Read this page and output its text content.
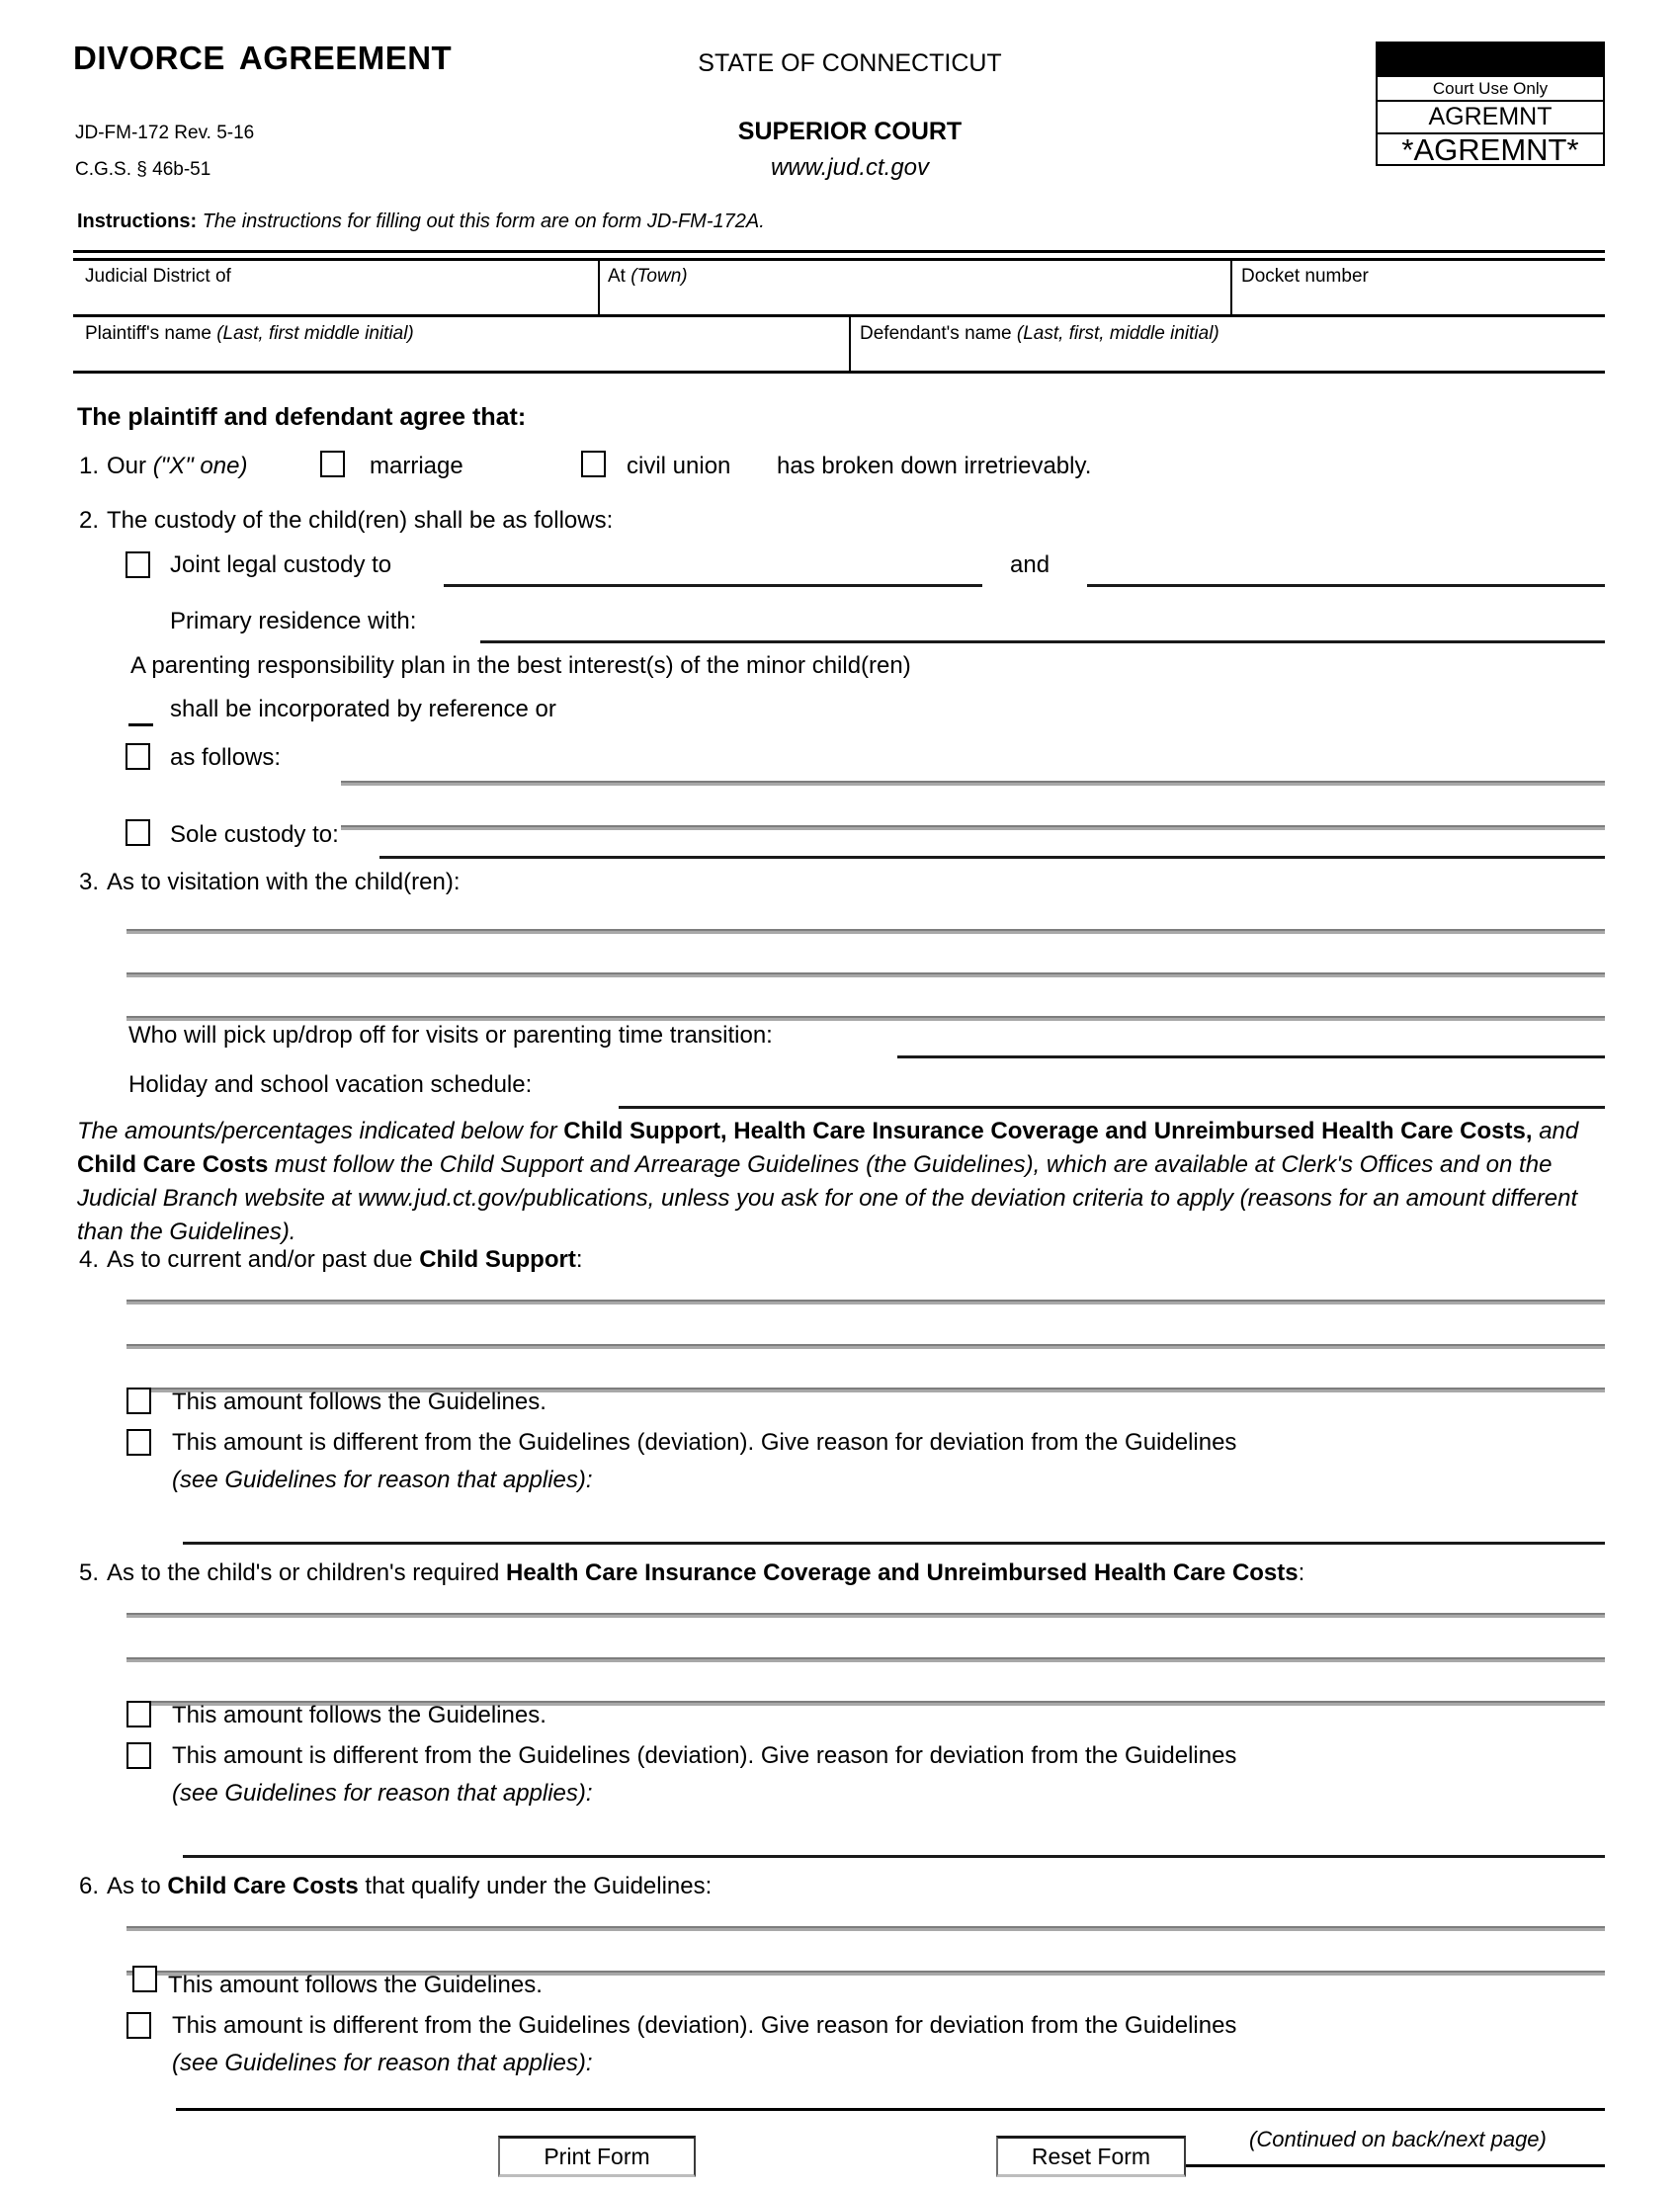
DIVORCE AGREEMENT
JD-FM-172 Rev. 5-16
C.G.S. § 46b-51
STATE OF CONNECTICUT
SUPERIOR COURT
www.jud.ct.gov
Court Use Only
AGREMNT
*AGREMNT*
Instructions: The instructions for filling out this form are on form JD-FM-172A.
Judicial District of	At (Town)	Docket number
Plaintiff's name (Last, first middle initial)	Defendant's name (Last, first, middle initial)
The plaintiff and defendant agree that:
1. Our ("X" one)	marriage	civil union has broken down irretrievably.
2. The custody of the child(ren) shall be as follows:
Joint legal custody to	and
Primary residence with:
A parenting responsibility plan in the best interest(s) of the minor child(ren)
shall be incorporated by reference or
as follows:
Sole custody to:
3. As to visitation with the child(ren):
Who will pick up/drop off for visits or parenting time transition:
Holiday and school vacation schedule:
The amounts/percentages indicated below for Child Support, Health Care Insurance Coverage and Unreimbursed Health Care Costs, and Child Care Costs must follow the Child Support and Arrearage Guidelines (the Guidelines), which are available at Clerk's Offices and on the Judicial Branch website at www.jud.ct.gov/publications, unless you ask for one of the deviation criteria to apply (reasons for an amount different than the Guidelines).
4. As to current and/or past due Child Support:
This amount follows the Guidelines.
This amount is different from the Guidelines (deviation). Give reason for deviation from the Guidelines
(see Guidelines for reason that applies):
5. As to the child's or children's required Health Care Insurance Coverage and Unreimbursed Health Care Costs:
This amount follows the Guidelines.
This amount is different from the Guidelines (deviation). Give reason for deviation from the Guidelines
(see Guidelines for reason that applies):
6. As to Child Care Costs that qualify under the Guidelines:
This amount follows the Guidelines.
This amount is different from the Guidelines (deviation). Give reason for deviation from the Guidelines
(see Guidelines for reason that applies):
(Continued on back/next page)
Print Form	Reset Form
